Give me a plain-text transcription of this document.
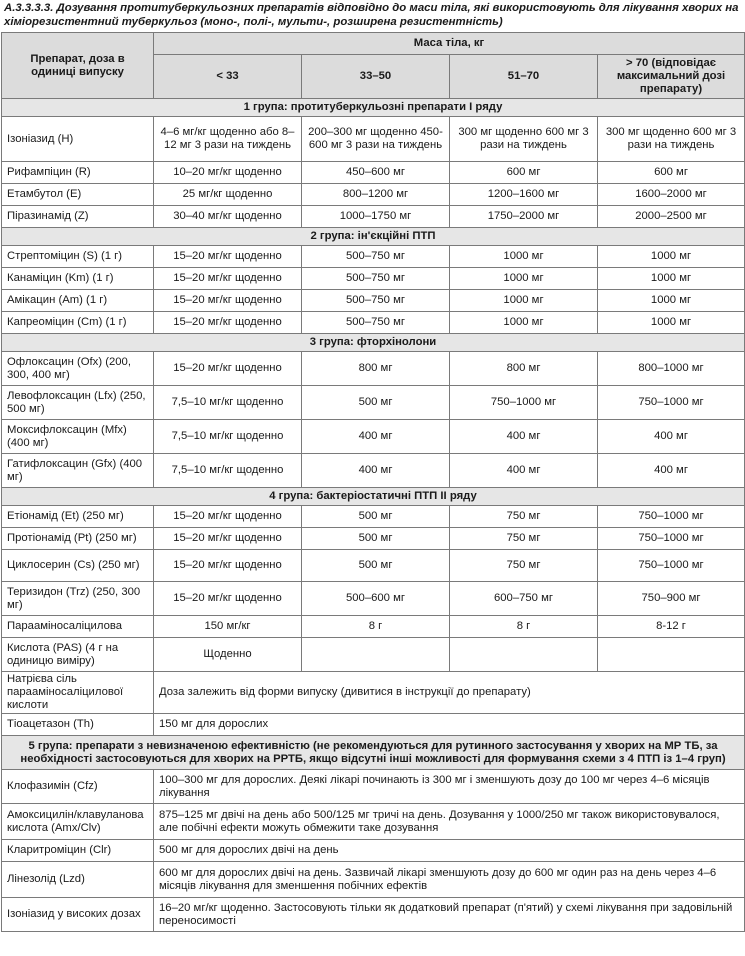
А.3.3.3.3. Дозування протитуберкульозних препаратів відповідно до маси тіла, які використовують для лікування хворих на хіміорезистентний туберкульоз (моно-, полі-, мульти-, розширена резистентність)
Препарат, доза в одиниці випуску	Маса тіла, кг			
	< 33	33–50	51–70	> 70 (відповідає максимальний дозі препарату)
1 група: протитуберкульозні препарати І ряду				
Ізоніазид (Н)	4–6 мг/кг щоденно або 8–12 мг 3 рази на тиждень	200–300 мг щоденно 450-600 мг 3 рази на тиждень	300 мг щоденно 600 мг 3 рази на тиждень	300 мг щоденно 600 мг 3 рази на тиждень
Рифампіцин (R)	10–20 мг/кг щоденно	450–600 мг	600 мг	600 мг
Етамбутол (Е)	25 мг/кг щоденно	800–1200 мг	1200–1600 мг	1600–2000 мг
Піразинамід (Z)	30–40 мг/кг щоденно	1000–1750 мг	1750–2000 мг	2000–2500 мг
2 група: ін'єкційні ПТП				
Стрептоміцин (S) (1 г)	15–20 мг/кг щоденно	500–750 мг	1000 мг	1000 мг
Канаміцин (Km) (1 г)	15–20 мг/кг щоденно	500–750 мг	1000 мг	1000 мг
Амікацин (Am) (1 г)	15–20 мг/кг щоденно	500–750 мг	1000 мг	1000 мг
Капреоміцин (Cm) (1 г)	15–20 мг/кг щоденно	500–750 мг	1000 мг	1000 мг
3 група: фторхінолони				
Офлоксацин (Ofx) (200, 300, 400 мг)	15–20 мг/кг щоденно	800 мг	800 мг	800–1000 мг
Левофлоксацин (Lfx) (250, 500 мг)	7,5–10 мг/кг щоденно	500 мг	750–1000 мг	750–1000 мг
Моксифлоксацин (Mfx) (400 мг)	7,5–10 мг/кг щоденно	400 мг	400 мг	400 мг
Гатифлоксацин (Gfx) (400 мг)	7,5–10 мг/кг щоденно	400 мг	400 мг	400 мг
4 група: бактеріостатичні ПТП ІІ ряду				
Етіонамід (Et) (250 мг)	15–20 мг/кг щоденно	500 мг	750 мг	750–1000 мг
Протіонамід (Pt) (250 мг)	15–20 мг/кг щоденно	500 мг	750 мг	750–1000 мг
Циклосерин (Cs) (250 мг)	15–20 мг/кг щоденно	500 мг	750 мг	750–1000 мг
Теризидон (Trz) (250, 300 мг)	15–20 мг/кг щоденно	500–600 мг	600–750 мг	750–900 мг
Парааміносаліцилова	150 мг/кг	8 г	8 г	8-12 г
Кислота (PAS) (4 г на одиницю виміру)	Щоденно			
Натрієва сіль парааміносаліцилової кислоти	Доза залежить від форми випуску (дивитися в інструкції до препарату)			
Тіоацетазон (Th)	150 мг для дорослих			
5 група: препарати з невизначеною ефективністю (не рекомендуються для рутинного застосування у хворих на МР ТБ, за необхідності застосовуються для хворих на РРТБ, якщо відсутні інші можливості для формування схеми з 4 ПТП із 1–4 груп)				
Клофазимін (Cfz)	100–300 мг для дорослих. Деякі лікарі починають із 300 мг і зменшують дозу до 100 мг через 4–6 місяців лікування			
Амоксицилін/клавуланова кислота (Amx/Clv)	875–125 мг двічі на день або 500/125 мг тричі на день. Дозування у 1000/250 мг також використовувалося, але побічні ефекти можуть обмежити таке дозування			
Кларитроміцин (Clr)	500 мг для дорослих двічі на день			
Лінезолід (Lzd)	600 мг для дорослих двічі на день. Зазвичай лікарі зменшують дозу до 600 мг один раз на день через 4–6 місяців лікування для зменшення побічних ефектів			
Ізоніазид у високих дозах	16–20 мг/кг щоденно. Застосовують тільки як додатковий препарат (п'ятий) у схемі лікування при задовільній переносимості			
